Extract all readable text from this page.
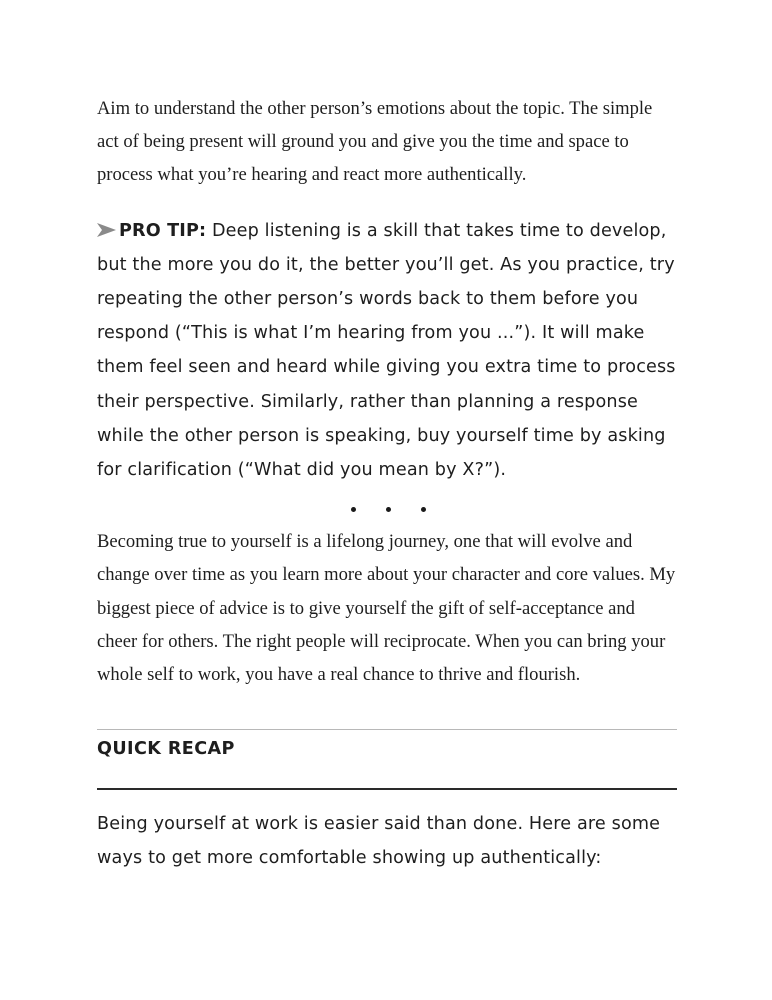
Aim to understand the other person’s emotions about the topic. The simple act of being present will ground you and give you the time and space to process what you’re hearing and react more authentically.

PRO TIP: Deep listening is a skill that takes time to develop, but the more you do it, the better you’ll get. As you practice, try repeating the other person’s words back to them before you respond (“This is what I’m hearing from you ...”). It will make them feel seen and heard while giving you extra time to process their perspective. Similarly, rather than planning a response while the other person is speaking, buy yourself time by asking for clarification (“What did you mean by X?”).

Becoming true to yourself is a lifelong journey, one that will evolve and change over time as you learn more about your character and core values. My biggest piece of advice is to give yourself the gift of self-acceptance and cheer for others. The right people will reciprocate. When you can bring your whole self to work, you have a real chance to thrive and flourish.

QUICK RECAP

Being yourself at work is easier said than done. Here are some ways to get more comfortable showing up authentically:
